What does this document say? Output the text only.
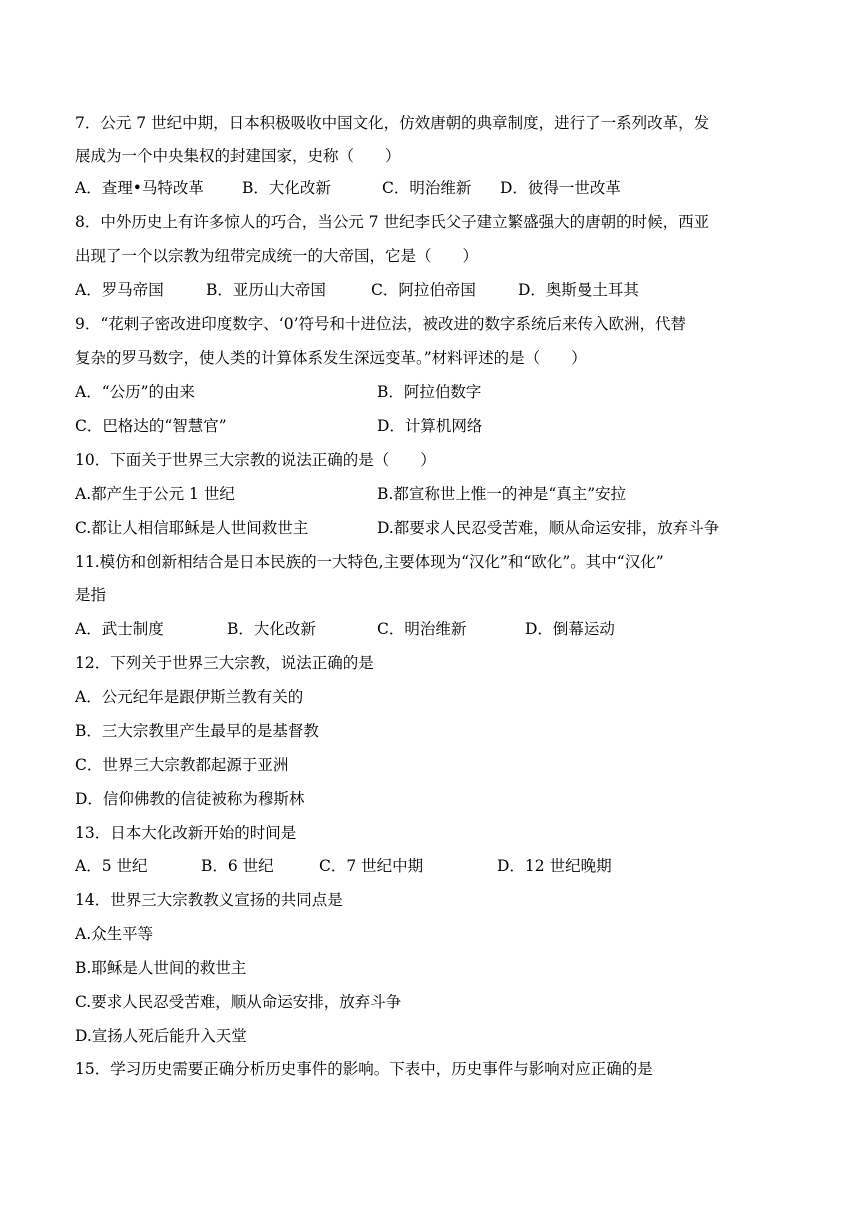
7．公元 7 世纪中期，日本积极吸收中国文化，仿效唐朝的典章制度，进行了一系列改革，发
展成为一个中央集权的封建国家，史称（　　）
A．查理•马特改革 B．大化改新	C．明治维新 D．彼得一世改革
8．中外历史上有许多惊人的巧合，当公元 7 世纪李氏父子建立繁盛强大的唐朝的时候，西亚
出现了一个以宗教为纽带完成统一的大帝国，它是（　　）
A．罗马帝国	B．亚历山大帝国	C．阿拉伯帝国	D．奥斯曼土耳其
9．“花剌子密改进印度数字、‘0’符号和十进位法，被改进的数字系统后来传入欧洲，代替
复杂的罗马数字，使人类的计算体系发生深远变革。”材料评述的是（　　）
A．“公历”的由来	B．阿拉伯数字
C．巴格达的“智慧官”	D．计算机网络
10．下面关于世界三大宗教的说法正确的是（　　）
A.都产生于公元 1 世纪	B.都宣称世上惟一的神是“真主”安拉
C.都让人相信耶稣是人世间救世主	D.都要求人民忍受苦难，顺从命运安排，放弃斗争
11.模仿和创新相结合是日本民族的一大特色,主要体现为“汉化”和“欧化”。其中“汉化”
是指
A．武士制度	B．大化改新	C．明治维新	D．倒幕运动
12．下列关于世界三大宗教，说法正确的是
A．公元纪年是跟伊斯兰教有关的
B．三大宗教里产生最早的是基督教
C．世界三大宗教都起源于亚洲
D．信仰佛教的信徒被称为穆斯林
13．日本大化改新开始的时间是
A．5 世纪	B．6 世纪	C．7 世纪中期	D．12 世纪晚期
14．世界三大宗教教义宣扬的共同点是
A.众生平等
B.耶稣是人世间的救世主
C.要求人民忍受苦难，顺从命运安排，放弃斗争
D.宣扬人死后能升入天堂
15．学习历史需要正确分析历史事件的影响。下表中，历史事件与影响对应正确的是
